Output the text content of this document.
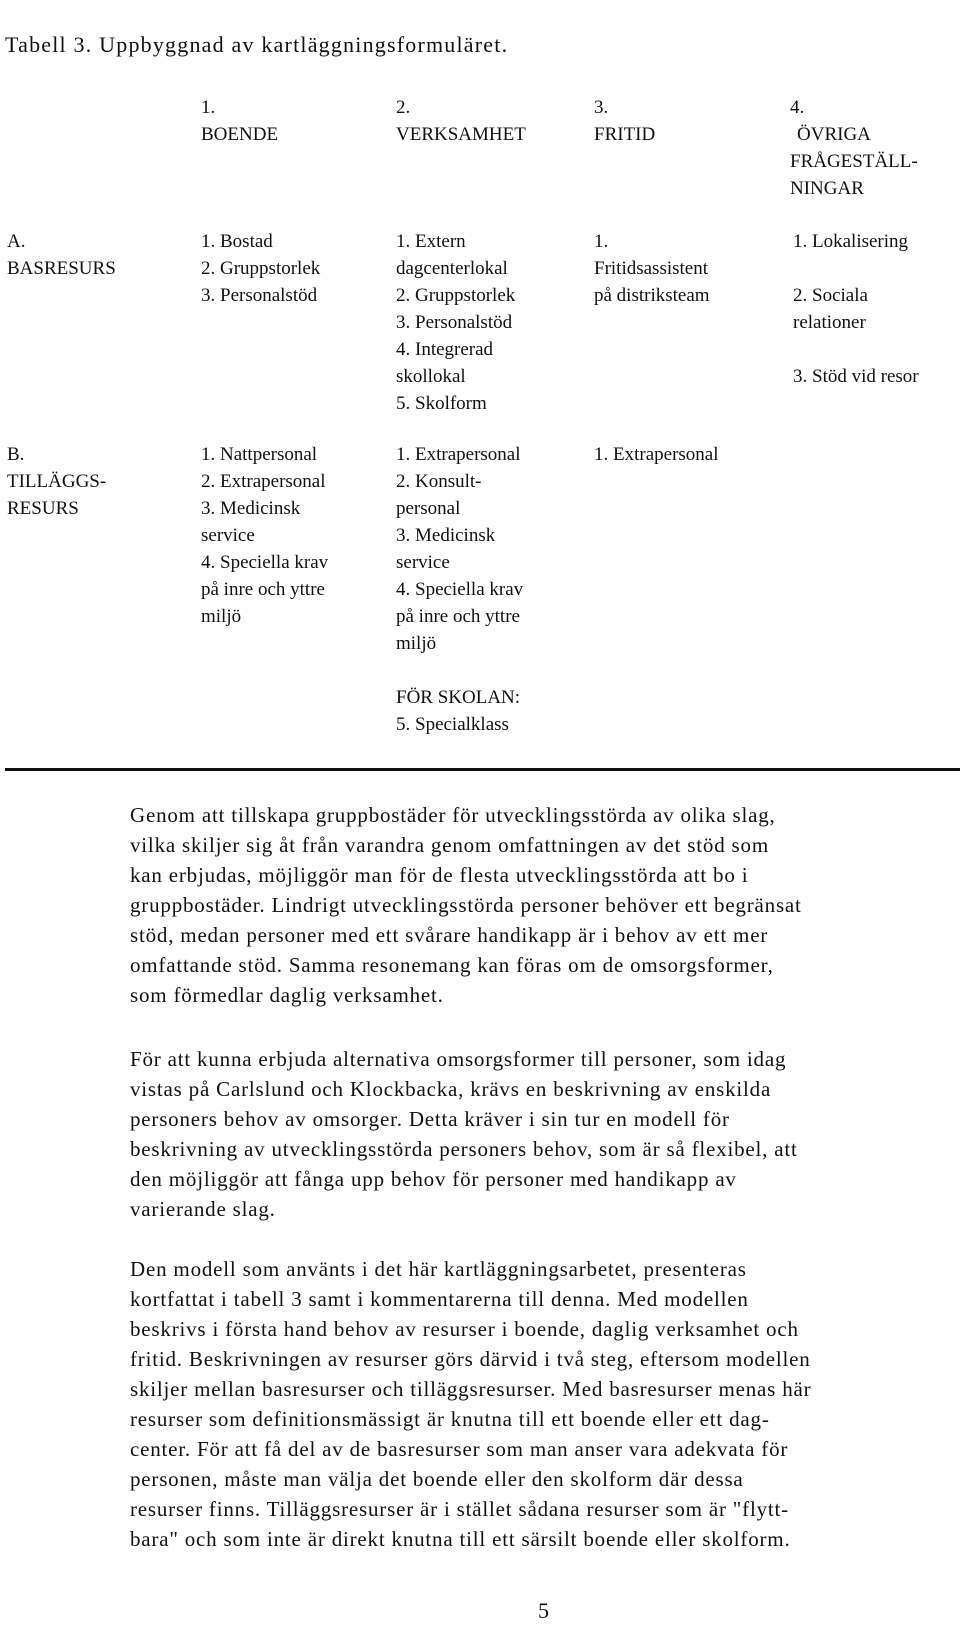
Tabell 3. Uppbyggnad av kartläggningsformuläret.
1.
BOENDE
2.
VERKSAMHET
3.
FRITID
4.
ÖVRIGA
FRÅGESTÄLL-
NINGAR
A.
BASRESURS
1. Bostad
2. Gruppstorlek
3. Personalstöd
1. Extern
dagcenterlokal
2. Gruppstorlek
3. Personalstöd
4. Integrerad
skollokal
5. Skolform
1.
Fritidsassistent
på distriksteam
1. Lokalisering

2. Sociala
relationer

3. Stöd vid resor
B.
TILLÄGGS-
RESURS
1. Nattpersonal
2. Extrapersonal
3. Medicinsk
service
4. Speciella krav
på inre och yttre
miljö
1. Extrapersonal
2. Konsult-
personal
3. Medicinsk
service
4. Speciella krav
på inre och yttre
miljö

FÖR SKOLAN:
5. Specialklass
1. Extrapersonal
Genom att tillskapa gruppbostäder för utvecklingsstörda av olika slag,
vilka skiljer sig åt från varandra genom omfattningen av det stöd som
kan erbjudas, möjliggör man för de flesta utvecklingsstörda att bo i
gruppbostäder. Lindrigt utvecklingsstörda personer behöver ett begränsat
stöd, medan personer med ett svårare handikapp är i behov av ett mer
omfattande stöd. Samma resonemang kan föras om de omsorgsformer,
som förmedlar daglig verksamhet.
För att kunna erbjuda alternativa omsorgsformer till personer, som idag
vistas på Carlslund och Klockbacka, krävs en beskrivning av enskilda
personers behov av omsorger. Detta kräver i sin tur en modell för
beskrivning av utvecklingsstörda personers behov, som är så flexibel, att
den möjliggör att fånga upp behov för personer med handikapp av
varierande slag.
Den modell som använts i det här kartläggningsarbetet, presenteras
kortfattat i tabell 3 samt i kommentarerna till denna. Med modellen
beskrivs i första hand behov av resurser i boende, daglig verksamhet och
fritid. Beskrivningen av resurser görs därvid i två steg, eftersom modellen
skiljer mellan basresurser och tilläggsresurser. Med basresurser menas här
resurser som definitionsmässigt är knutna till ett boende eller ett dag-
center. För att få del av de basresurser som man anser vara adekvata för
personen, måste man välja det boende eller den skolform där dessa
resurser finns. Tilläggsresurser är i stället sådana resurser som är "flytt-
bara" och som inte är direkt knutna till ett särsilt boende eller skolform.
5
